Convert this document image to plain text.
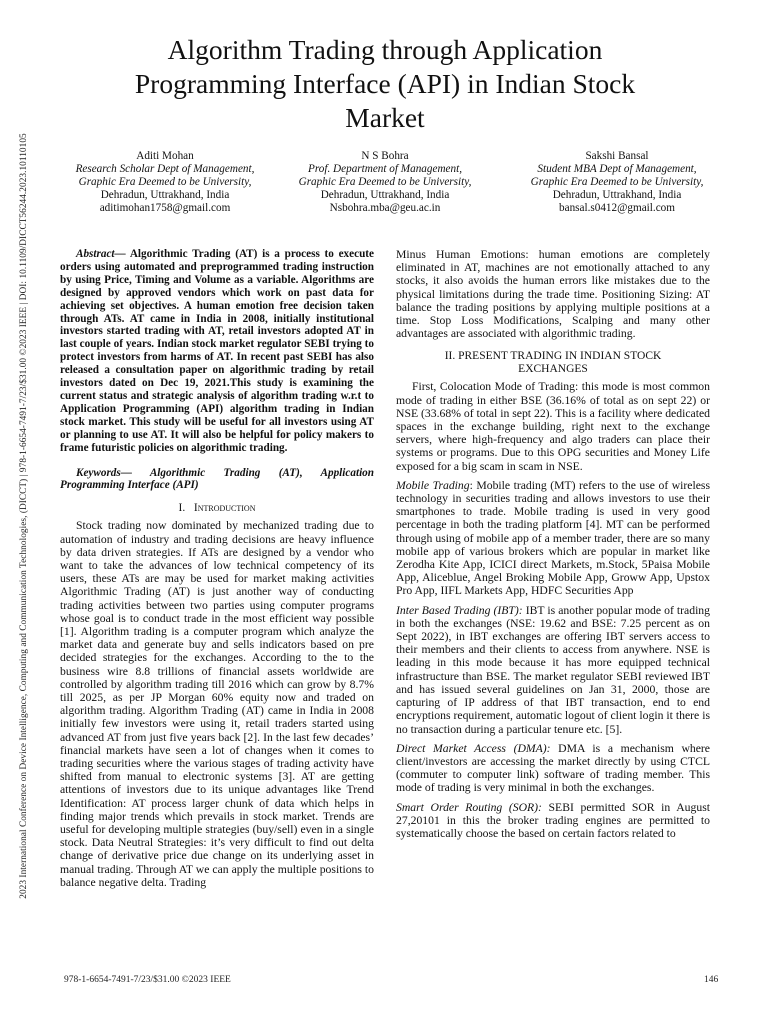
2023 International Conference on Device Intelligence, Computing and Communication Technologies, (DICCT) | 978-1-6654-7491-7/23/$31.00 ©2023 IEEE | DOI: 10.1109/DICCT56244.2023.10110105
Algorithm Trading through Application
Programming Interface (API) in Indian Stock
Market
Aditi Mohan
Research Scholar Dept of Management,
Graphic Era Deemed to be University,
Dehradun, Uttrakhand, India
aditimohan1758@gmail.com
N S Bohra
Prof. Department of Management,
Graphic Era Deemed to be University,
Dehradun, Uttrakhand, India
Nsbohra.mba@geu.ac.in
Sakshi Bansal
Student MBA Dept of Management,
Graphic Era Deemed to be University,
Dehradun, Uttrakhand, India
bansal.s0412@gmail.com

Abstract— Algorithmic Trading (AT) is a process to execute orders using automated and preprogrammed trading instruction by using Price, Timing and Volume as a variable. Algorithms are designed by approved vendors which work on past data for achieving set objectives. A human emotion free decision taken through ATs. AT came in India in 2008, initially institutional investors started trading with AT, retail investors adopted AT in last couple of years. Indian stock market regulator SEBI trying to protect investors from harms of AT. In recent past SEBI has also released a consultation paper on algorithmic trading by retail investors dated on Dec 19, 2021.This study is examining the current status and strategic analysis of algorithm trading w.r.t to Application Programming (API) algorithm trading in Indian stock market. This study will be useful for all investors using AT or planning to use AT. It will also be helpful for policy makers to frame futuristic policies on algorithmic trading.

Keywords— Algorithmic Trading (AT), Application Programming Interface (API)

I. Introduction

Stock trading now dominated by mechanized trading due to automation of industry and trading decisions are heavy influence by data driven strategies. If ATs are designed by a vendor who want to take the advances of low technical competency of its users, these ATs are may be used for market making activities Algorithmic Trading (AT) is just another way of conducting trading activities between two parties using computer programs whose goal is to conduct trade in the most efficient way possible [1]. Algorithm trading is a computer program which analyze the market data and generate buy and sells indicators based on pre decided strategies for the exchanges. According to the to the business wire 8.8 trillions of financial assets worldwide are controlled by algorithm trading till 2016 which can grow by 8.7% till 2025, as per JP Morgan 60% equity now and traded on algorithm trading. Algorithm Trading (AT) came in India in 2008 initially few investors were using it, retail traders started using advanced AT from just five years back [2]. In the last few decades’ financial markets have seen a lot of changes when it comes to trading securities where the various stages of trading activity have shifted from manual to electronic systems [3]. AT are getting attentions of investors due to its unique advantages like Trend Identification: AT process larger chunk of data which helps in finding major trends which prevails in stock market. Trends are useful for developing multiple strategies (buy/sell) even in a single stock. Data Neutral Strategies: it’s very difficult to find out delta change of derivative price due change on its underlying asset in manual trading. Through AT we can apply the multiple positions to balance negative delta. Trading

Minus Human Emotions: human emotions are completely eliminated in AT, machines are not emotionally attached to any stocks, it also avoids the human errors like mistakes due to the physical limitations during the trade time. Positioning Sizing: AT balance the trading positions by applying multiple positions at a time. Stop Loss Modifications, Scalping and many other advantages are associated with algorithmic trading.

II. PRESENT TRADING IN INDIAN STOCK
EXCHANGES

First, Colocation Mode of Trading: this mode is most common mode of trading in either BSE (36.16% of total as on sept 22) or NSE (33.68% of total in sept 22). This is a facility where dedicated spaces in the exchange building, right next to the exchange servers, where high-frequency and algo traders can place their systems or programs. Due to this OPG securities and Money Life exposed for a big scam in scam in NSE.

Mobile Trading: Mobile trading (MT) refers to the use of wireless technology in securities trading and allows investors to use their smartphones to trade. Mobile trading is used in very good percentage in both the trading platform [4]. MT can be performed through using of mobile app of a member trader, there are so many mobile app of various brokers which are popular in market like Zerodha Kite App, ICICI direct Markets, m.Stock, 5Paisa Mobile App, Aliceblue, Angel Broking Mobile App, Groww App, Upstox Pro App, IIFL Markets App, HDFC Securities App

Inter Based Trading (IBT): IBT is another popular mode of trading in both the exchanges (NSE: 19.62 and BSE: 7.25 percent as on Sept 2022), in IBT exchanges are offering IBT servers access to their members and their clients to access from anywhere. NSE is leading in this mode because it has more equipped technical infrastructure than BSE. The market regulator SEBI reviewed IBT and has issued several guidelines on Jan 31, 2000, those are capturing of IP address of that IBT transaction, end to end encryptions requirement, automatic logout of client login it there is no transaction during a particular tenure etc. [5].

Direct Market Access (DMA): DMA is a mechanism where client/investors are accessing the market directly by using CTCL (commuter to computer link) software of trading member. This mode of trading is very minimal in both the exchanges.

Smart Order Routing (SOR): SEBI permitted SOR in August 27,20101 in this the broker trading engines are permitted to systematically choose the based on certain factors related to

978-1-6654-7491-7/23/$31.00 ©2023 IEEE	146
